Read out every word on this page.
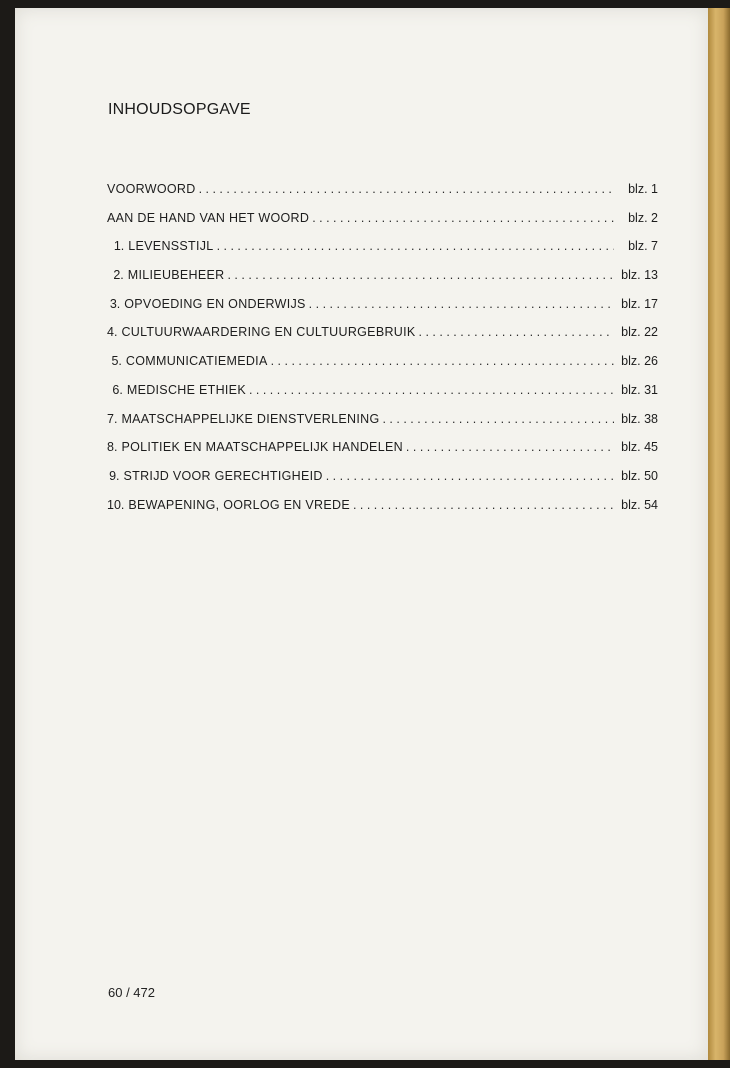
INHOUDSOPGAVE
VOORWOORD . . .	blz. 1
AAN DE HAND VAN HET WOORD . . .	blz. 2
1. LEVENSSTIJL . . .	blz. 7
2. MILIEUBEHEER . . .	blz. 13
3. OPVOEDING EN ONDERWIJS . . .	blz. 17
4. CULTUURWAARDERING EN CULTUURGEBRUIK . . .	blz. 22
5. COMMUNICATIEMEDIA . . .	blz. 26
6. MEDISCHE ETHIEK . . .	blz. 31
7. MAATSCHAPPELIJKE DIENSTVERLENING . . .	blz. 38
8. POLITIEK EN MAATSCHAPPELIJK HANDELEN . . .	blz. 45
9. STRIJD VOOR GERECHTIGHEID . . .	blz. 50
10. BEWAPENING, OORLOG EN VREDE . . .	blz. 54
60 / 472
